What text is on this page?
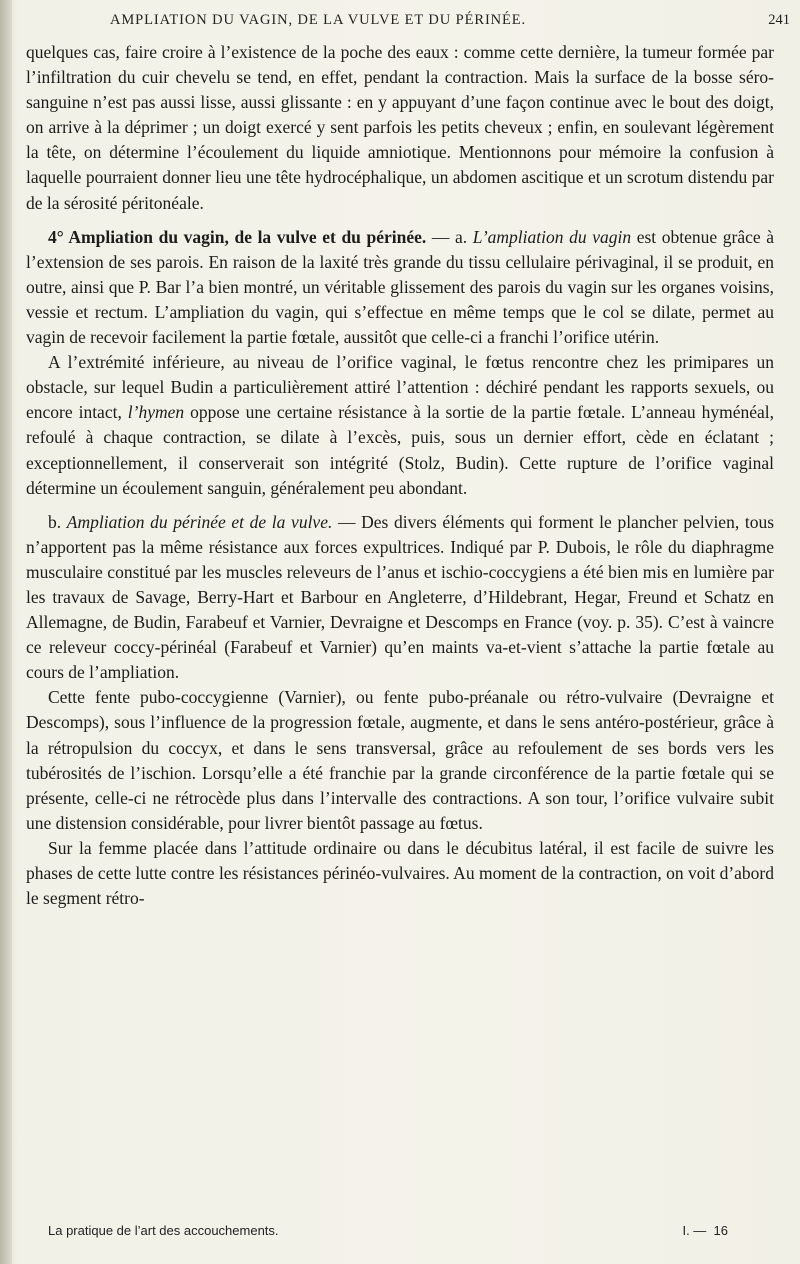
AMPLIATION DU VAGIN, DE LA VULVE ET DU PÉRINÉE.	241

quelques cas, faire croire à l’existence de la poche des eaux : comme cette dernière, la tumeur formée par l’infiltration du cuir chevelu se tend, en effet, pendant la contraction. Mais la surface de la bosse séro-sanguine n’est pas aussi lisse, aussi glissante : en y appuyant d’une façon continue avec le bout des doigt, on arrive à la déprimer ; un doigt exercé y sent parfois les petits cheveux ; enfin, en soulevant légèrement la tête, on détermine l’écoulement du liquide amniotique. Mentionnons pour mémoire la confusion à laquelle pourraient donner lieu une tête hydrocéphalique, un abdomen ascitique et un scrotum distendu par de la sérosité péritonéale.

4° Ampliation du vagin, de la vulve et du périnée. — a. L’ampliation du vagin est obtenue grâce à l’extension de ses parois. En raison de la laxité très grande du tissu cellulaire périvaginal, il se produit, en outre, ainsi que P. Bar l’a bien montré, un véritable glissement des parois du vagin sur les organes voisins, vessie et rectum. L’ampliation du vagin, qui s’effectue en même temps que le col se dilate, permet au vagin de recevoir facilement la partie fœtale, aussitôt que celle-ci a franchi l’orifice utérin.

A l’extrémité inférieure, au niveau de l’orifice vaginal, le fœtus rencontre chez les primipares un obstacle, sur lequel Budin a particulièrement attiré l’attention : déchiré pendant les rapports sexuels, ou encore intact, l’hymen oppose une certaine résistance à la sortie de la partie fœtale. L’anneau hyménéal, refoulé à chaque contraction, se dilate à l’excès, puis, sous un dernier effort, cède en éclatant ; exceptionnellement, il conserverait son intégrité (Stolz, Budin). Cette rupture de l’orifice vaginal détermine un écoulement sanguin, généralement peu abondant.

b. Ampliation du périnée et de la vulve. — Des divers éléments qui forment le plancher pelvien, tous n’apportent pas la même résistance aux forces expultrices. Indiqué par P. Dubois, le rôle du diaphragme musculaire constitué par les muscles releveurs de l’anus et ischio-coccygiens a été bien mis en lumière par les travaux de Savage, Berry-Hart et Barbour en Angleterre, d’Hildebrant, Hegar, Freund et Schatz en Allemagne, de Budin, Farabeuf et Varnier, Devraigne et Descomps en France (voy. p. 35). C’est à vaincre ce releveur coccy-périnéal (Farabeuf et Varnier) qu’en maints va-et-vient s’attache la partie fœtale au cours de l’ampliation.

Cette fente pubo-coccygienne (Varnier), ou fente pubo-préanale ou rétro-vulvaire (Devraigne et Descomps), sous l’influence de la progression fœtale, augmente, et dans le sens antéro-postérieur, grâce à la rétropulsion du coccyx, et dans le sens transversal, grâce au refoulement de ses bords vers les tubérosités de l’ischion. Lorsqu’elle a été franchie par la grande circonférence de la partie fœtale qui se présente, celle-ci ne rétrocède plus dans l’intervalle des contractions. A son tour, l’orifice vulvaire subit une distension considérable, pour livrer bientôt passage au fœtus.

Sur la femme placée dans l’attitude ordinaire ou dans le décubitus latéral, il est facile de suivre les phases de cette lutte contre les résistances périnéo-vulvaires. Au moment de la contraction, on voit d’abord le segment rétro-

La pratique de l’art des accouchements.	I. —  16
